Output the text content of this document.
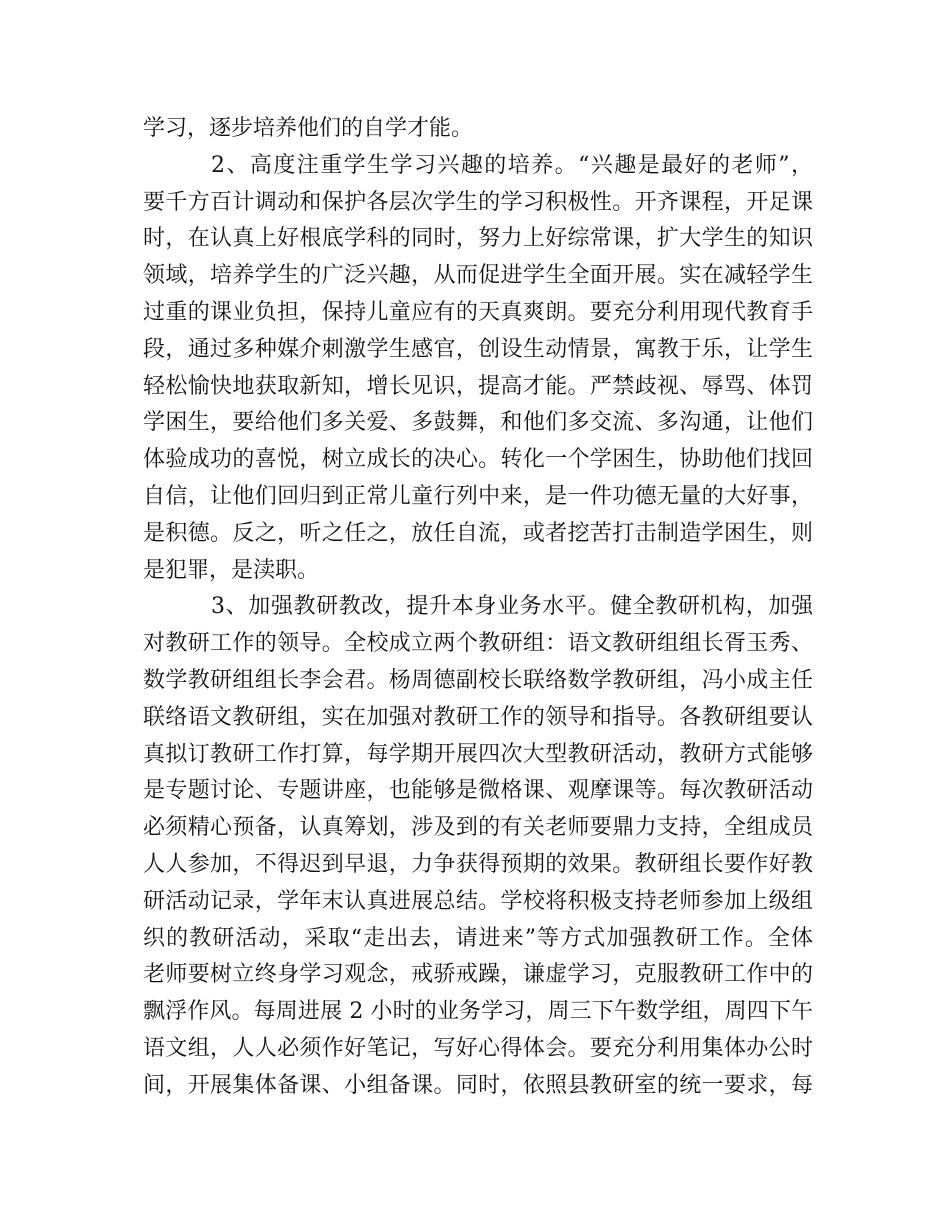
学习，逐步培养他们的自学才能。
2、高度注重学生学习兴趣的培养。“兴趣是最好的老师”，
要千方百计调动和保护各层次学生的学习积极性。开齐课程，开足课
时，在认真上好根底学科的同时，努力上好综常课，扩大学生的知识
领域，培养学生的广泛兴趣，从而促进学生全面开展。实在减轻学生
过重的课业负担，保持儿童应有的天真爽朗。要充分利用现代教育手
段，通过多种媒介刺激学生感官，创设生动情景，寓教于乐，让学生
轻松愉快地获取新知，增长见识，提高才能。严禁歧视、辱骂、体罚
学困生，要给他们多关爱、多鼓舞，和他们多交流、多沟通，让他们
体验成功的喜悦，树立成长的决心。转化一个学困生，协助他们找回
自信，让他们回归到正常儿童行列中来，是一件功德无量的大好事，
是积德。反之，听之任之，放任自流，或者挖苦打击制造学困生，则
是犯罪，是渎职。
3、加强教研教改，提升本身业务水平。健全教研机构，加强
对教研工作的领导。全校成立两个教研组：语文教研组组长胥玉秀、
数学教研组组长李会君。杨周德副校长联络数学教研组，冯小成主任
联络语文教研组，实在加强对教研工作的领导和指导。各教研组要认
真拟订教研工作打算，每学期开展四次大型教研活动，教研方式能够
是专题讨论、专题讲座，也能够是微格课、观摩课等。每次教研活动
必须精心预备，认真筹划，涉及到的有关老师要鼎力支持，全组成员
人人参加，不得迟到早退，力争获得预期的效果。教研组长要作好教
研活动记录，学年末认真进展总结。学校将积极支持老师参加上级组
织的教研活动，采取“走出去，请进来”等方式加强教研工作。全体
老师要树立终身学习观念，戒骄戒躁，谦虚学习，克服教研工作中的
飘浮作风。每周进展 2 小时的业务学习，周三下午数学组，周四下午
语文组，人人必须作好笔记，写好心得体会。要充分利用集体办公时
间，开展集体备课、小组备课。同时，依照县教研室的统一要求，每
